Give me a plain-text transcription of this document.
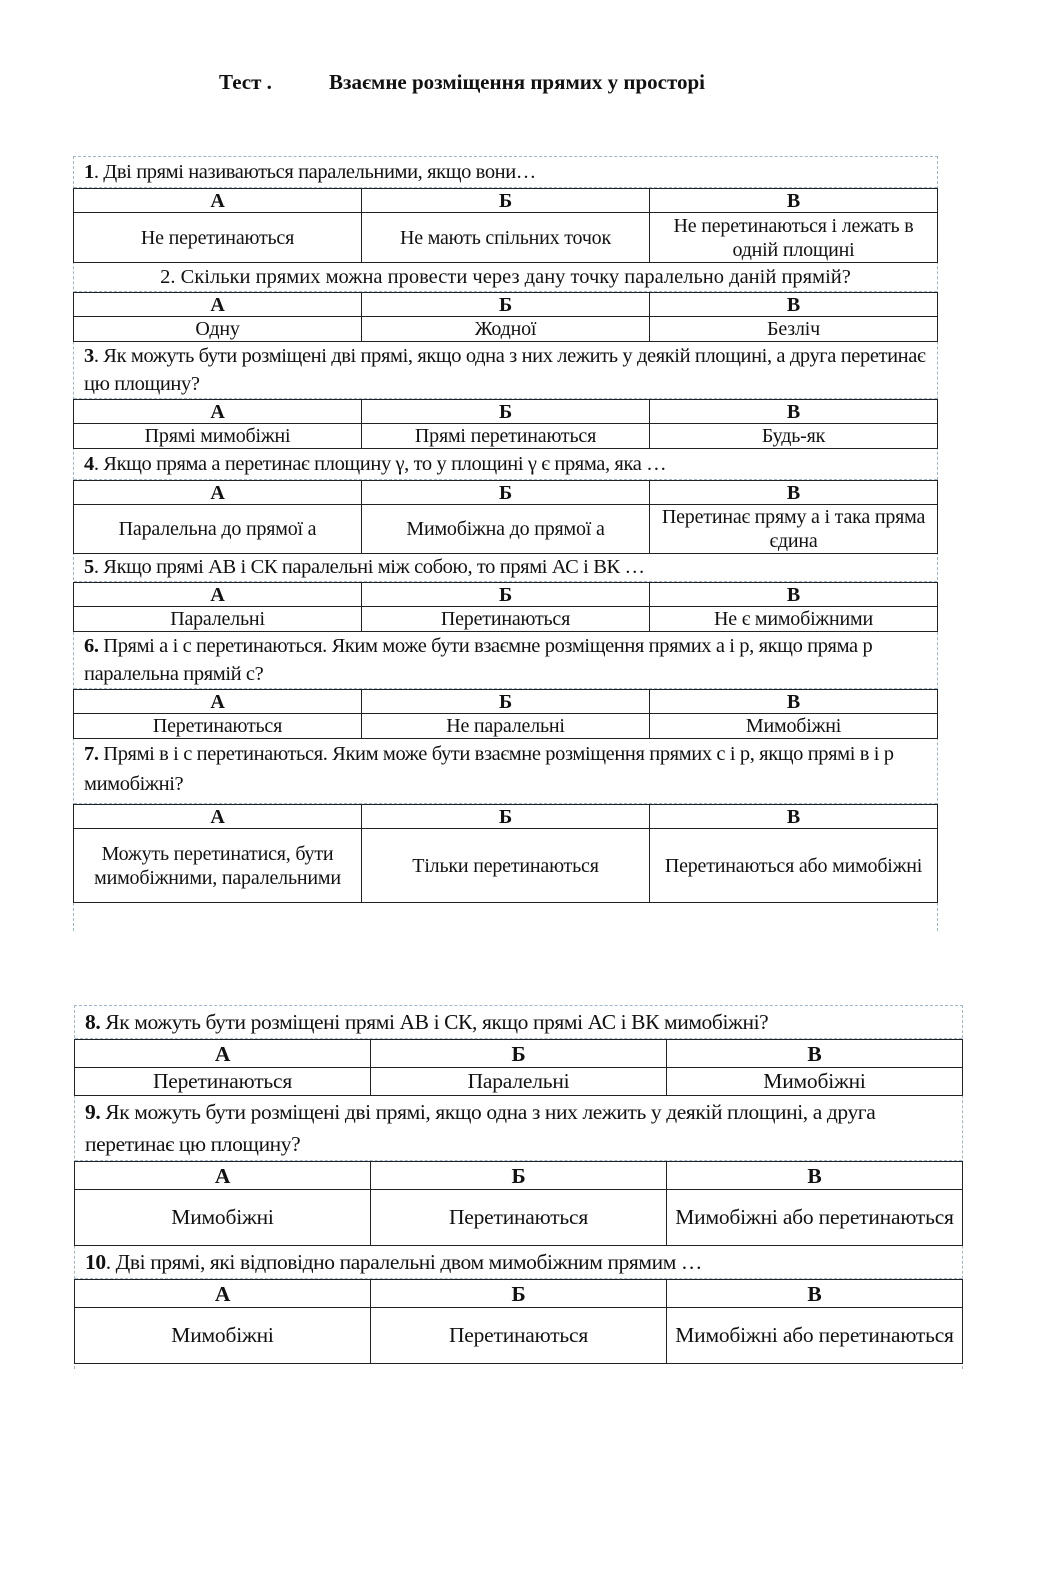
Тест .	Взаємне розміщення прямих у просторі
1. Дві прямі називаються паралельними, якщо вони…
А	Б	В
Не перетинаються	Не мають спільних точок	Не перетинаються і лежать в одній площині
2. Скільки прямих можна провести через дану точку паралельно даній прямій?
А	Б	В
Одну	Жодної	Безліч
3. Як можуть бути розміщені дві прямі, якщо одна з них лежить у деякій площині, а друга перетинає цю площину?
А	Б	В
Прямі мимобіжні	Прямі перетинаються	Будь-як
4. Якщо пряма a перетинає площину γ, то у площині γ є пряма, яка …
А	Б	В
Паралельна до прямої a	Мимобіжна до прямої a	Перетинає пряму a і така пряма єдина
5. Якщо прямі АВ і СК паралельні між собою, то прямі АС і ВК …
А	Б	В
Паралельні	Перетинаються	Не є мимобіжними
6. Прямі a і c перетинаються. Яким може бути взаємне розміщення прямих a і p, якщо пряма p паралельна прямій c?
А	Б	В
Перетинаються	Не паралельні	Мимобіжні
7. Прямі в і с перетинаються. Яким може бути взаємне розміщення прямих c і p, якщо прямі в і p мимобіжні?
А	Б	В
Можуть перетинатися, бути мимобіжними, паралельними	Тільки перетинаються	Перетинаються або мимобіжні
8. Як можуть бути розміщені прямі АВ і СК, якщо прямі АС і ВК мимобіжні?
А	Б	В
Перетинаються	Паралельні	Мимобіжні
9. Як можуть бути розміщені дві прямі, якщо одна з них лежить у деякій площині, а друга перетинає цю площину?
А	Б	В
Мимобіжні	Перетинаються	Мимобіжні або перетинаються
10. Дві прямі, які відповідно паралельні двом мимобіжним прямим …
А	Б	В
Мимобіжні	Перетинаються	Мимобіжні або перетинаються
